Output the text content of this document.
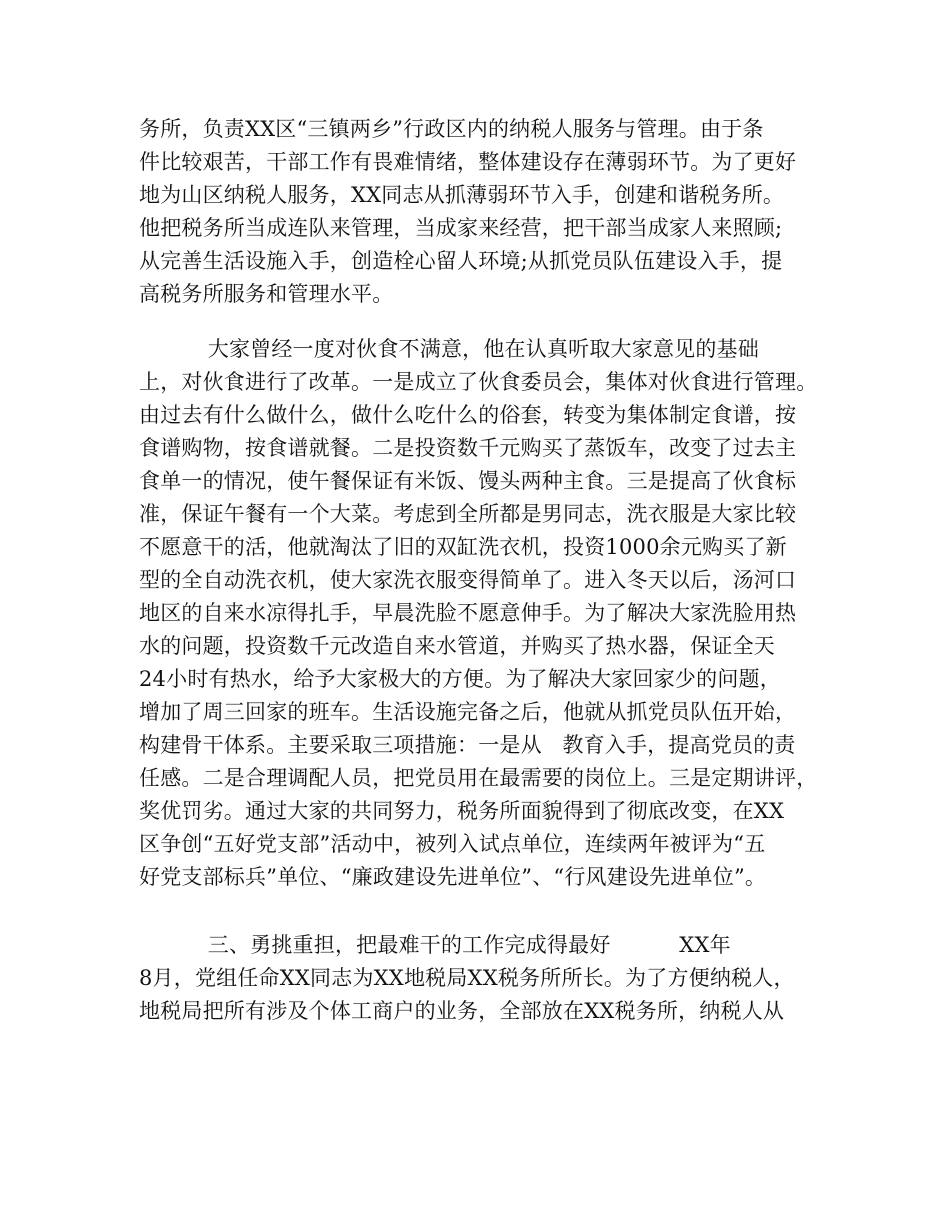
务所，负责XX区“三镇两乡”行政区内的纳税人服务与管理。由于条
件比较艰苦，干部工作有畏难情绪，整体建设存在薄弱环节。为了更好
地为山区纳税人服务，XX同志从抓薄弱环节入手，创建和谐税务所。
他把税务所当成连队来管理，当成家来经营，把干部当成家人来照顾;
从完善生活设施入手，创造栓心留人环境;从抓党员队伍建设入手，提
高税务所服务和管理水平。
大家曾经一度对伙食不满意，他在认真听取大家意见的基础
上，对伙食进行了改革。一是成立了伙食委员会，集体对伙食进行管理。
由过去有什么做什么，做什么吃什么的俗套，转变为集体制定食谱，按
食谱购物，按食谱就餐。二是投资数千元购买了蒸饭车，改变了过去主
食单一的情况，使午餐保证有米饭、馒头两种主食。三是提高了伙食标
准，保证午餐有一个大菜。考虑到全所都是男同志，洗衣服是大家比较
不愿意干的活，他就淘汰了旧的双缸洗衣机，投资1000余元购买了新
型的全自动洗衣机，使大家洗衣服变得简单了。进入冬天以后，汤河口
地区的自来水凉得扎手，早晨洗脸不愿意伸手。为了解决大家洗脸用热
水的问题，投资数千元改造自来水管道，并购买了热水器，保证全天
24小时有热水，给予大家极大的方便。为了解决大家回家少的问题，
增加了周三回家的班车。生活设施完备之后，他就从抓党员队伍开始，
构建骨干体系。主要采取三项措施：一是从   教育入手，提高党员的责
任感。二是合理调配人员，把党员用在最需要的岗位上。三是定期讲评，
奖优罚劣。通过大家的共同努力，税务所面貌得到了彻底改变，在XX
区争创“五好党支部”活动中，被列入试点单位，连续两年被评为“五
好党支部标兵”单位、“廉政建设先进单位”、“行风建设先进单位”。
三、勇挑重担，把最难干的工作完成得最好          XX年
8月，党组任命XX同志为XX地税局XX税务所所长。为了方便纳税人，
地税局把所有涉及个体工商户的业务，全部放在XX税务所，纳税人从
